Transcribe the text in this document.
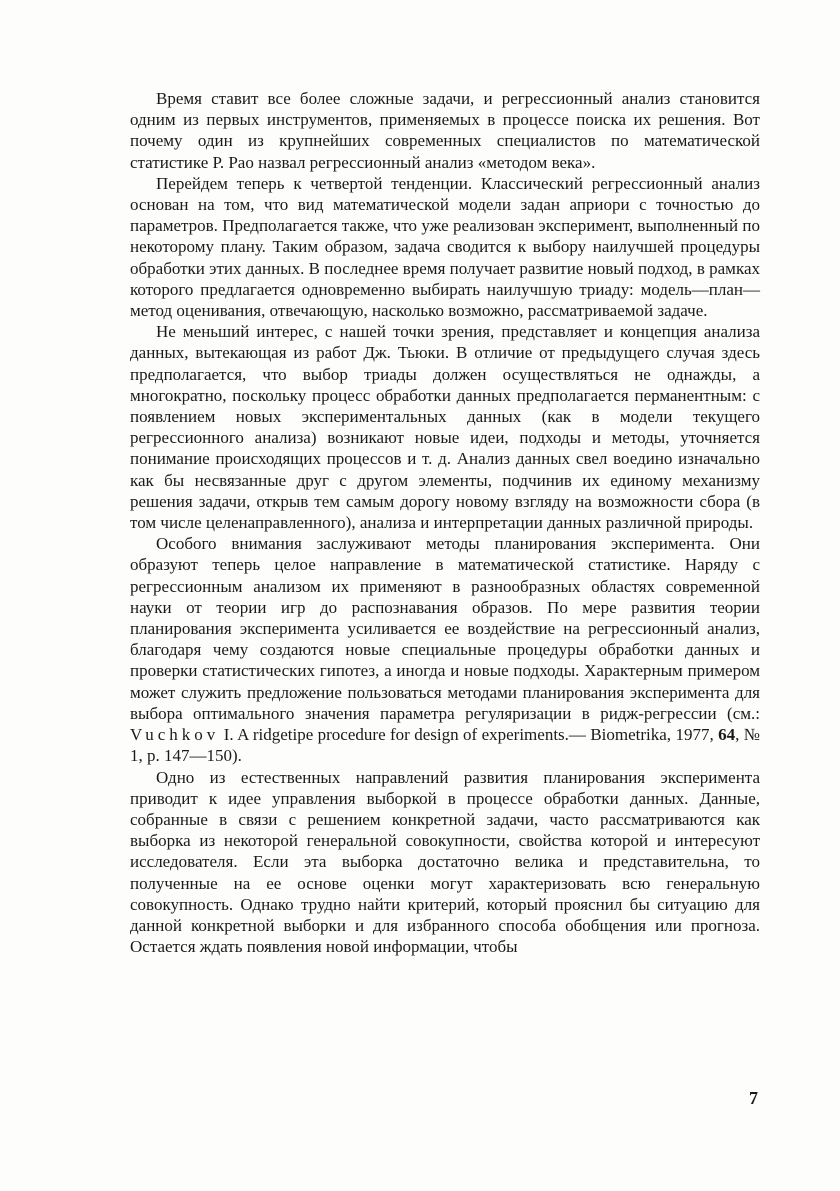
Время ставит все более сложные задачи, и регрессионный анализ становится одним из первых инструментов, применяемых в процессе поиска их решения. Вот почему один из крупнейших современных специалистов по математической статистике Р. Рао назвал регрессионный анализ «методом века».

Перейдем теперь к четвертой тенденции. Классический регрессионный анализ основан на том, что вид математической модели задан априори с точностью до параметров. Предполагается также, что уже реализован эксперимент, выполненный по некоторому плану. Таким образом, задача сводится к выбору наилучшей процедуры обработки этих данных. В последнее время получает развитие новый подход, в рамках которого предлагается одновременно выбирать наилучшую триаду: модель—план—метод оценивания, отвечающую, насколько возможно, рассматриваемой задаче.

Не меньший интерес, с нашей точки зрения, представляет и концепция анализа данных, вытекающая из работ Дж. Тьюки. В отличие от предыдущего случая здесь предполагается, что выбор триады должен осуществляться не однажды, а многократно, поскольку процесс обработки данных предполагается перманентным: с появлением новых экспериментальных данных (как в модели текущего регрессионного анализа) возникают новые идеи, подходы и методы, уточняется понимание происходящих процессов и т. д. Анализ данных свел воедино изначально как бы несвязанные друг с другом элементы, подчинив их единому механизму решения задачи, открыв тем самым дорогу новому взгляду на возможности сбора (в том числе целенаправленного), анализа и интерпретации данных различной природы.

Особого внимания заслуживают методы планирования эксперимента. Они образуют теперь целое направление в математической статистике. Наряду с регрессионным анализом их применяют в разнообразных областях современной науки от теории игр до распознавания образов. По мере развития теории планирования эксперимента усиливается ее воздействие на регрессионный анализ, благодаря чему создаются новые специальные процедуры обработки данных и проверки статистических гипотез, а иногда и новые подходы. Характерным примером может служить предложение пользоваться методами планирования эксперимента для выбора оптимального значения параметра регуляризации в ридж-регрессии (см.: Vuchkov I. A ridgetipe procedure for design of experiments.— Biometrika, 1977, 64, № 1, p. 147—150).

Одно из естественных направлений развития планирования эксперимента приводит к идее управления выборкой в процессе обработки данных. Данные, собранные в связи с решением конкретной задачи, часто рассматриваются как выборка из некоторой генеральной совокупности, свойства которой и интересуют исследователя. Если эта выборка достаточно велика и представительна, то полученные на ее основе оценки могут характеризовать всю генеральную совокупность. Однако трудно найти критерий, который прояснил бы ситуацию для данной конкретной выборки и для избранного способа обобщения или прогноза. Остается ждать появления новой информации, чтобы

7
